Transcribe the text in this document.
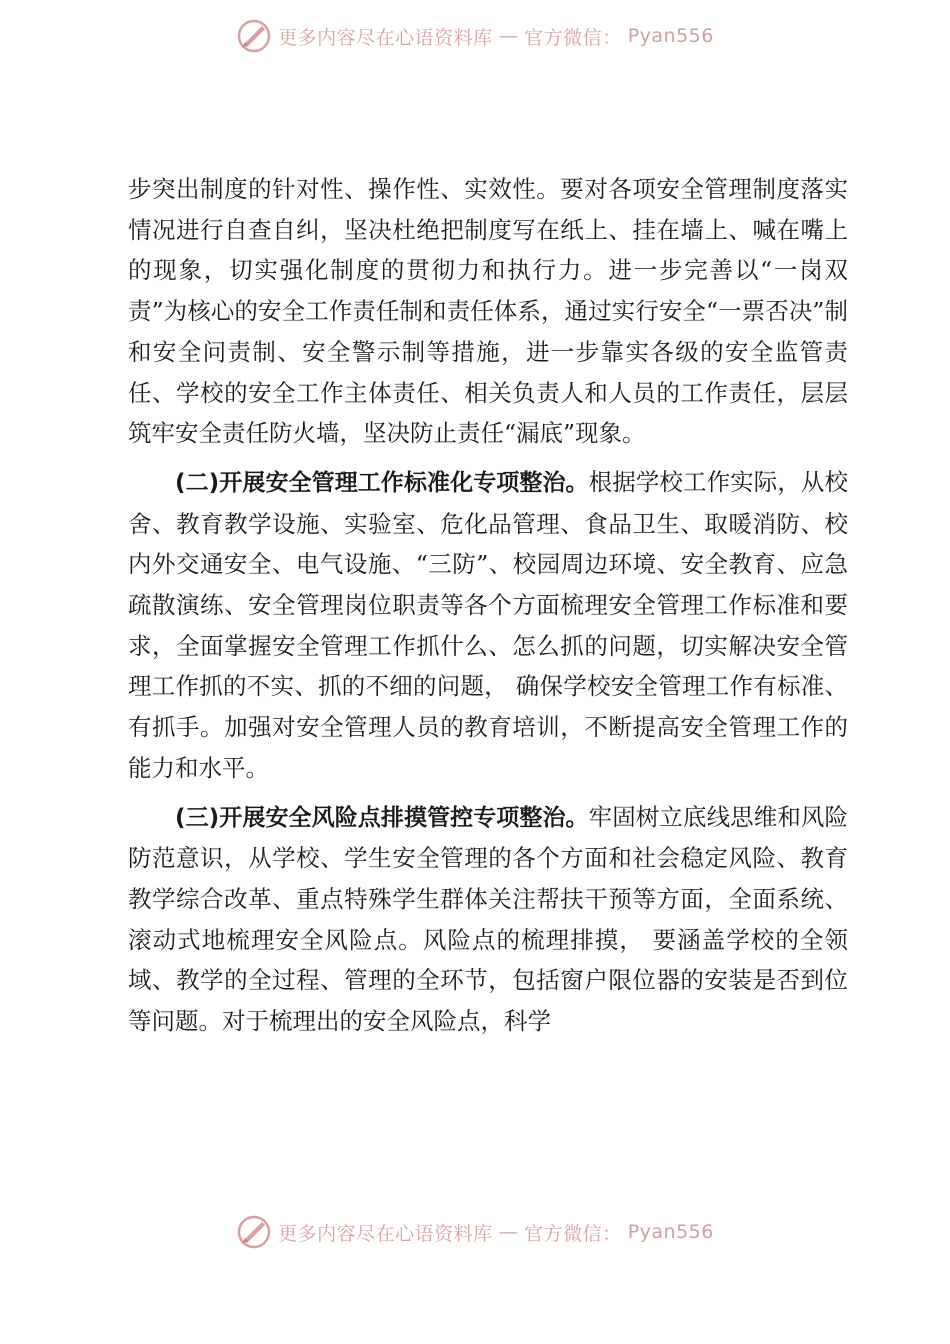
更多内容尽在心语资料库 — 官方微信： Pyan556

步突出制度的针对性、操作性、实效性。要对各项安全管理制度落实情况进行自查自纠，坚决杜绝把制度写在纸上、挂在墙上、喊在嘴上的现象，切实强化制度的贯彻力和执行力。进一步完善以“一岗双责”为核心的安全工作责任制和责任体系，通过实行安全“一票否决”制和安全问责制、安全警示制等措施，进一步靠实各级的安全监管责任、学校的安全工作主体责任、相关负责人和人员的工作责任，层层筑牢安全责任防火墙，坚决防止责任“漏底”现象。

(二)开展安全管理工作标准化专项整治。根据学校工作实际，从校舍、教育教学设施、实验室、危化品管理、食品卫生、取暖消防、校内外交通安全、电气设施、“三防”、校园周边环境、安全教育、应急疏散演练、安全管理岗位职责等各个方面梳理安全管理工作标准和要求，全面掌握安全管理工作抓什么、怎么抓的问题，切实解决安全管理工作抓的不实、抓的不细的问题， 确保学校安全管理工作有标准、有抓手。加强对安全管理人员的教育培训，不断提高安全管理工作的能力和水平。

(三)开展安全风险点排摸管控专项整治。牢固树立底线思维和风险防范意识，从学校、学生安全管理的各个方面和社会稳定风险、教育教学综合改革、重点特殊学生群体关注帮扶干预等方面，全面系统、滚动式地梳理安全风险点。风险点的梳理排摸， 要涵盖学校的全领域、教学的全过程、管理的全环节，包括窗户限位器的安装是否到位等问题。对于梳理出的安全风险点，科学

更多内容尽在心语资料库 — 官方微信： Pyan556
